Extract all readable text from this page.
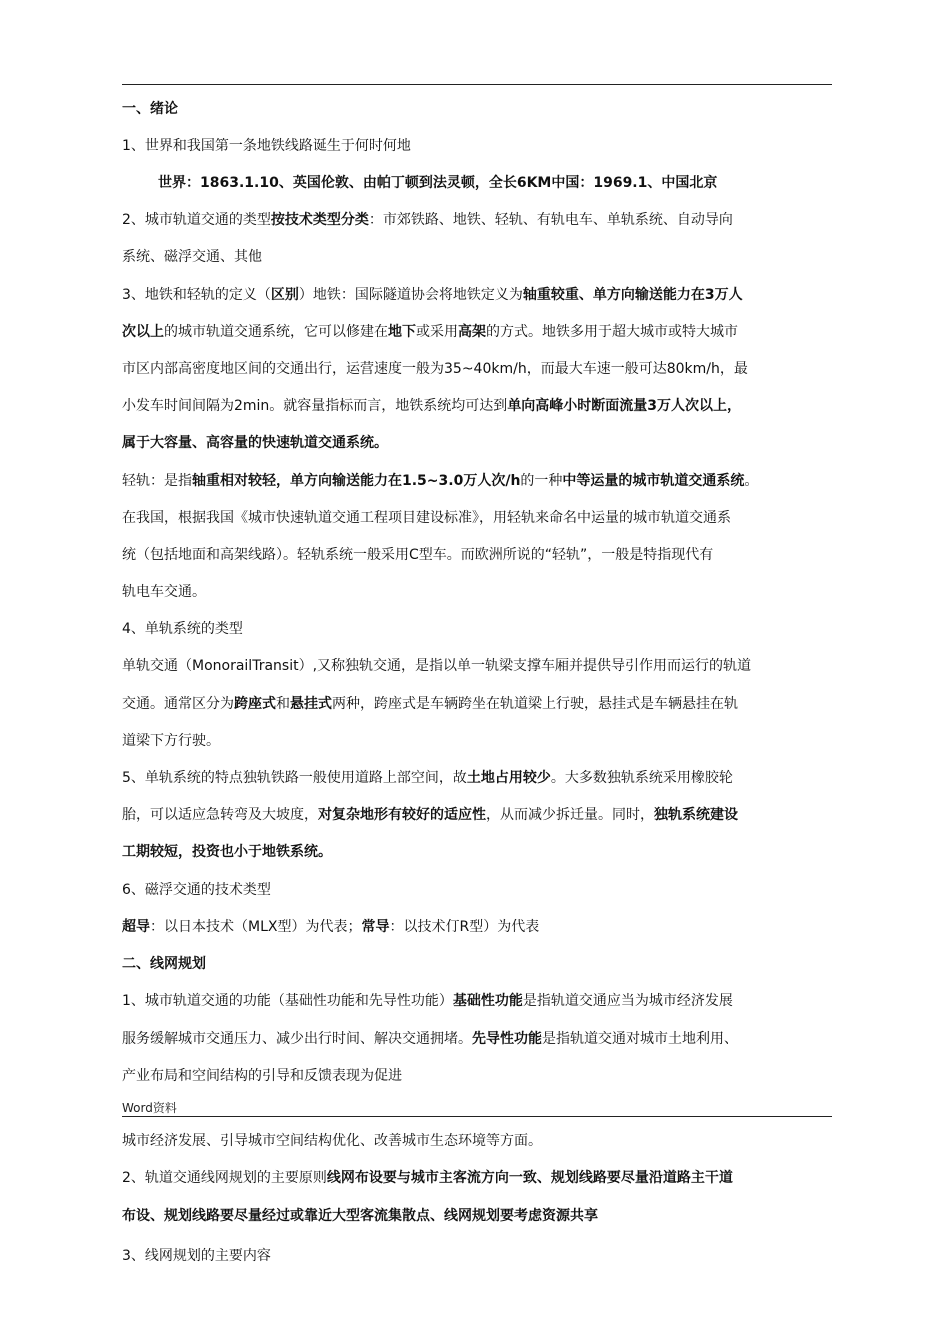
一、绪论
1、世界和我国第一条地铁线路诞生于何时何地
世界：1863.1.10、英国伦敦、由帕丁顿到法灵顿，全长6KM中国：1969.1、中国北京
2、城市轨道交通的类型按技术类型分类：市郊铁路、地铁、轻轨、有轨电车、单轨系统、自动导向
系统、磁浮交通、其他
3、地铁和轻轨的定义（区别）地铁：国际隧道协会将地铁定义为轴重较重、单方向输送能力在3万人
次以上的城市轨道交通系统，它可以修建在地下或采用高架的方式。地铁多用于超大城市或特大城市
市区内部高密度地区间的交通出行，运营速度一般为35~40km/h，而最大车速一般可达80km/h，最
小发车时间间隔为2min。就容量指标而言，地铁系统均可达到单向高峰小时断面流量3万人次以上，
属于大容量、高容量的快速轨道交通系统。
轻轨：是指轴重相对较轻，单方向输送能力在1.5~3.0万人次/h的一种中等运量的城市轨道交通系统。
在我国，根据我国《城市快速轨道交通工程项目建设标准》，用轻轨来命名中运量的城市轨道交通系
统（包括地面和高架线路）。轻轨系统一般采用C型车。而欧洲所说的“轻轨”，一般是特指现代有
轨电车交通。
4、单轨系统的类型
单轨交通（MonorailTransit）,又称独轨交通，是指以单一轨梁支撑车厢并提供导引作用而运行的轨道
交通。通常区分为跨座式和悬挂式两种，跨座式是车辆跨坐在轨道梁上行驶，悬挂式是车辆悬挂在轨
道梁下方行驶。
5、单轨系统的特点独轨铁路一般使用道路上部空间，故土地占用较少。大多数独轨系统采用橡胶轮
胎，可以适应急转弯及大坡度，对复杂地形有较好的适应性，从而减少拆迁量。同时，独轨系统建设
工期较短，投资也小于地铁系统。
6、磁浮交通的技术类型
超导：以日本技术（MLX型）为代表；常导：以技术仃R型）为代表
二、线网规划
1、城市轨道交通的功能（基础性功能和先导性功能）基础性功能是指轨道交通应当为城市经济发展
服务缓解城市交通压力、减少出行时间、解决交通拥堵。先导性功能是指轨道交通对城市土地利用、
产业布局和空间结构的引导和反馈表现为促进
Word资料
城市经济发展、引导城市空间结构优化、改善城市生态环境等方面。
2、轨道交通线网规划的主要原则线网布设要与城市主客流方向一致、规划线路要尽量沿道路主干道
布设、规划线路要尽量经过或靠近大型客流集散点、线网规划要考虑资源共享
3、线网规划的主要内容
